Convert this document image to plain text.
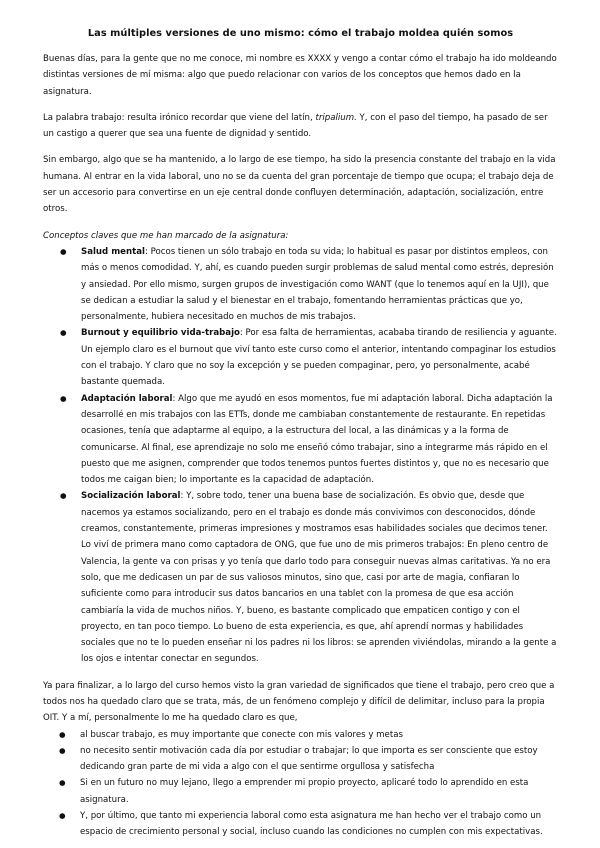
Las múltiples versiones de uno mismo: cómo el trabajo moldea quién somos

Buenas días, para la gente que no me conoce, mi nombre es XXXX y vengo a contar cómo el trabajo ha ido moldeando distintas versiones de mí misma: algo que puedo relacionar con varios de los conceptos que hemos dado en la asignatura.

La palabra trabajo: resulta irónico recordar que viene del latín, tripalium. Y, con el paso del tiempo, ha pasado de ser un castigo a querer que sea una fuente de dignidad y sentido.

Sin embargo, algo que se ha mantenido, a lo largo de ese tiempo, ha sido la presencia constante del trabajo en la vida humana. Al entrar en la vida laboral, uno no se da cuenta del gran porcentaje de tiempo que ocupa; el trabajo deja de ser un accesorio para convertirse en un eje central donde confluyen determinación, adaptación, socialización, entre otros.

Conceptos claves que me han marcado de la asignatura:
● Salud mental: Pocos tienen un sólo trabajo en toda su vida; lo habitual es pasar por distintos empleos, con más o menos comodidad. Y, ahí, es cuando pueden surgir problemas de salud mental como estrés, depresión y ansiedad. Por ello mismo, surgen grupos de investigación como WANT (que lo tenemos aquí en la UJI), que se dedican a estudiar la salud y el bienestar en el trabajo, fomentando herramientas prácticas que yo, personalmente, hubiera necesitado en muchos de mis trabajos.
● Burnout y equilibrio vida-trabajo: Por esa falta de herramientas, acababa tirando de resiliencia y aguante. Un ejemplo claro es el burnout que viví tanto este curso como el anterior, intentando compaginar los estudios con el trabajo. Y claro que no soy la excepción y se pueden compaginar, pero, yo personalmente, acabé bastante quemada.
● Adaptación laboral: Algo que me ayudó en esos momentos, fue mi adaptación laboral. Dicha adaptación la desarrollé en mis trabajos con las ETTs, donde me cambiaban constantemente de restaurante. En repetidas ocasiones, tenía que adaptarme al equipo, a la estructura del local, a las dinámicas y a la forma de comunicarse. Al final, ese aprendizaje no solo me enseñó cómo trabajar, sino a integrarme más rápido en el puesto que me asignen, comprender que todos tenemos puntos fuertes distintos y, que no es necesario que todos me caigan bien; lo importante es la capacidad de adaptación.
● Socialización laboral: Y, sobre todo, tener una buena base de socialización. Es obvio que, desde que nacemos ya estamos socializando, pero en el trabajo es donde más convivimos con desconocidos, dónde creamos, constantemente, primeras impresiones y mostramos esas habilidades sociales que decimos tener. Lo viví de primera mano como captadora de ONG, que fue uno de mis primeros trabajos: En pleno centro de Valencia, la gente va con prisas y yo tenía que darlo todo para conseguir nuevas almas caritativas. Ya no era solo, que me dedicasen un par de sus valiosos minutos, sino que, casi por arte de magia, confiaran lo suficiente como para introducir sus datos bancarios en una tablet con la promesa de que esa acción cambiaría la vida de muchos niños. Y, bueno, es bastante complicado que empaticen contigo y con el proyecto, en tan poco tiempo. Lo bueno de esta experiencia, es que, ahí aprendí normas y habilidades sociales que no te lo pueden enseñar ni los padres ni los libros: se aprenden viviéndolas, mirando a la gente a los ojos e intentar conectar en segundos.
Ya para finalizar, a lo largo del curso hemos visto la gran variedad de significados que tiene el trabajo, pero creo que a todos nos ha quedado claro que se trata, más, de un fenómeno complejo y difícil de delimitar, incluso para la propia OIT. Y a mí, personalmente lo me ha quedado claro es que,
● al buscar trabajo, es muy importante que conecte con mis valores y metas
● no necesito sentir motivación cada día por estudiar o trabajar; lo que importa es ser consciente que estoy dedicando gran parte de mi vida a algo con el que sentirme orgullosa y satisfecha
● Si en un futuro no muy lejano, llego a emprender mi propio proyecto, aplicaré todo lo aprendido en esta asignatura.
● Y, por último, que tanto mi experiencia laboral como esta asignatura me han hecho ver el trabajo como un espacio de crecimiento personal y social, incluso cuando las condiciones no cumplen con mis expectativas.
